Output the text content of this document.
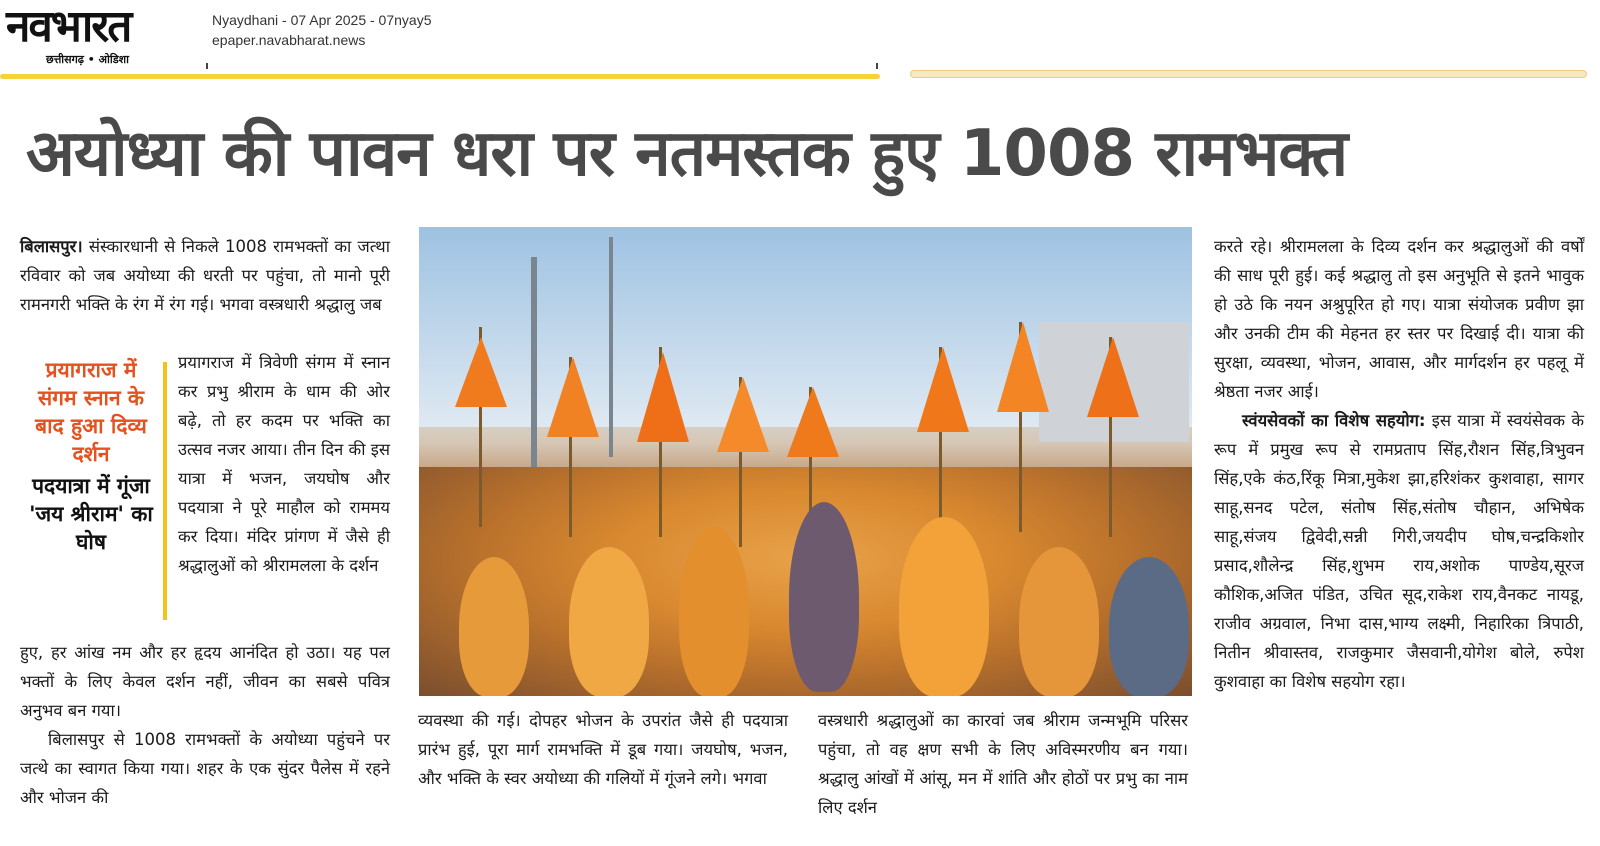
नवभारत
छत्तीसगढ़ • ओडिशा
Nyaydhani - 07 Apr 2025 - 07nyay5
epaper.navabharat.news
अयोध्या की पावन धरा पर नतमस्तक हुए 1008 रामभक्त

बिलासपुर। संस्कारधानी से निकले 1008 रामभक्तों का जत्था रविवार को जब अयोध्या की धरती पर पहुंचा, तो मानो पूरी रामनगरी भक्ति के रंग में रंग गई। भगवा वस्त्रधारी श्रद्धालु जब

प्रयागराज में त्रिवेणी संगम में स्नान कर प्रभु श्रीराम के धाम की ओर बढ़े, तो हर कदम पर भक्ति का उत्सव नजर आया। तीन दिन की इस यात्रा में भजन, जयघोष और पदयात्रा ने पूरे माहौल को राममय कर दिया। मंदिर प्रांगण में जैसे ही श्रद्धालुओं को श्रीरामलला के दर्शन

हुए, हर आंख नम और हर हृदय आनंदित हो उठा। यह पल भक्तों के लिए केवल दर्शन नहीं, जीवन का सबसे पवित्र अनुभव बन गया।

बिलासपुर से 1008 रामभक्तों के अयोध्या पहुंचने पर जत्थे का स्वागत किया गया। शहर के एक सुंदर पैलेस में रहने और भोजन की

प्रयागराज में संगम स्नान के बाद हुआ दिव्य दर्शन
पदयात्रा में गूंजा 'जय श्रीराम' का घोष

व्यवस्था की गई। दोपहर भोजन के उपरांत जैसे ही पदयात्रा प्रारंभ हुई, पूरा मार्ग रामभक्ति में डूब गया। जयघोष, भजन, और भक्ति के स्वर अयोध्या की गलियों में गूंजने लगे। भगवा

वस्त्रधारी श्रद्धालुओं का कारवां जब श्रीराम जन्मभूमि परिसर पहुंचा, तो वह क्षण सभी के लिए अविस्मरणीय बन गया। श्रद्धालु आंखों में आंसू, मन में शांति और होठों पर प्रभु का नाम लिए दर्शन

करते रहे। श्रीरामलला के दिव्य दर्शन कर श्रद्धालुओं की वर्षों की साध पूरी हुई। कई श्रद्धालु तो इस अनुभूति से इतने भावुक हो उठे कि नयन अश्रुपूरित हो गए। यात्रा संयोजक प्रवीण झा और उनकी टीम की मेहनत हर स्तर पर दिखाई दी। यात्रा की सुरक्षा, व्यवस्था, भोजन, आवास, और मार्गदर्शन हर पहलू में श्रेष्ठता नजर आई।

स्वंयसेवकों का विशेष सहयोग: इस यात्रा में स्वयंसेवक के रूप में प्रमुख रूप से रामप्रताप सिंह,रौशन सिंह,त्रिभुवन सिंह,एके कंठ,रिंकू मित्रा,मुकेश झा,हरिशंकर कुशवाहा, सागर साहू,सनद पटेल, संतोष सिंह,संतोष चौहान, अभिषेक साहू,संजय द्विवेदी,सन्नी गिरी,जयदीप घोष,चन्द्रकिशोर प्रसाद,शौलेन्द्र सिंह,शुभम राय,अशोक पाण्डेय,सूरज कौशिक,अजित पंडित, उचित सूद,राकेश राय,वैनकट नायडू, राजीव अग्रवाल, निभा दास,भाग्य लक्ष्मी, निहारिका त्रिपाठी, नितीन श्रीवास्तव, राजकुमार जैसवानी,योगेश बोले, रुपेश कुशवाहा का विशेष सहयोग रहा।
